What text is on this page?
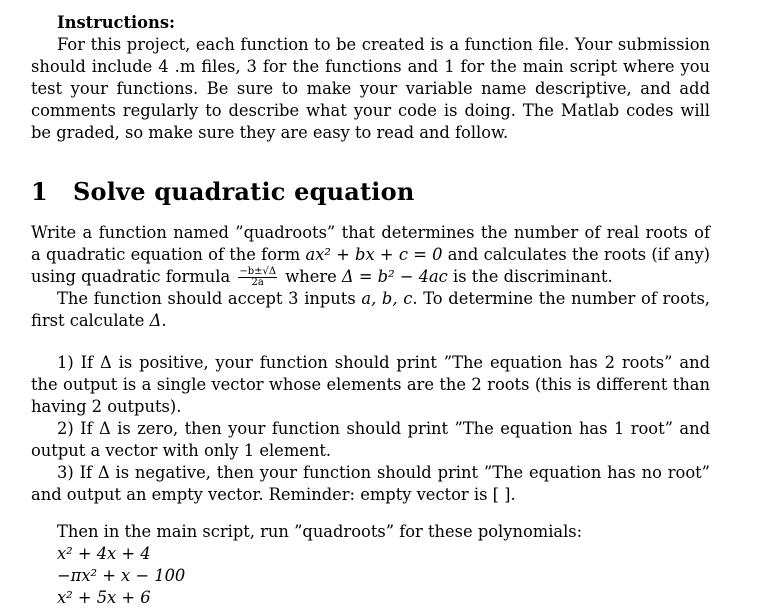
Instructions:
For this project, each function to be created is a function file. Your submission should include 4 .m files, 3 for the functions and 1 for the main script where you test your functions. Be sure to make your variable name descriptive, and add comments regularly to describe what your code is doing. The Matlab codes will be graded, so make sure they are easy to read and follow.
1 Solve quadratic equation
Write a function named ”quadroots” that determines the number of real roots of a quadratic equation of the form ax² + bx + c = 0 and calculates the roots (if any) using quadratic formula $\frac{-b\pm√\Delta}{2a}$ where Δ = b² − 4ac is the discriminant.
The function should accept 3 inputs a, b, c. To determine the number of roots, first calculate Δ.
1) If Δ is positive, your function should print ”The equation has 2 roots” and the output is a single vector whose elements are the 2 roots (this is different than having 2 outputs).
2) If Δ is zero, then your function should print ”The equation has 1 root” and output a vector with only 1 element.
3) If Δ is negative, then your function should print ”The equation has no root” and output an empty vector. Reminder: empty vector is [ ].
Then in the main script, run ”quadroots” for these polynomials:
x² + 4x + 4
−πx² + x − 100
x² + 5x + 6
